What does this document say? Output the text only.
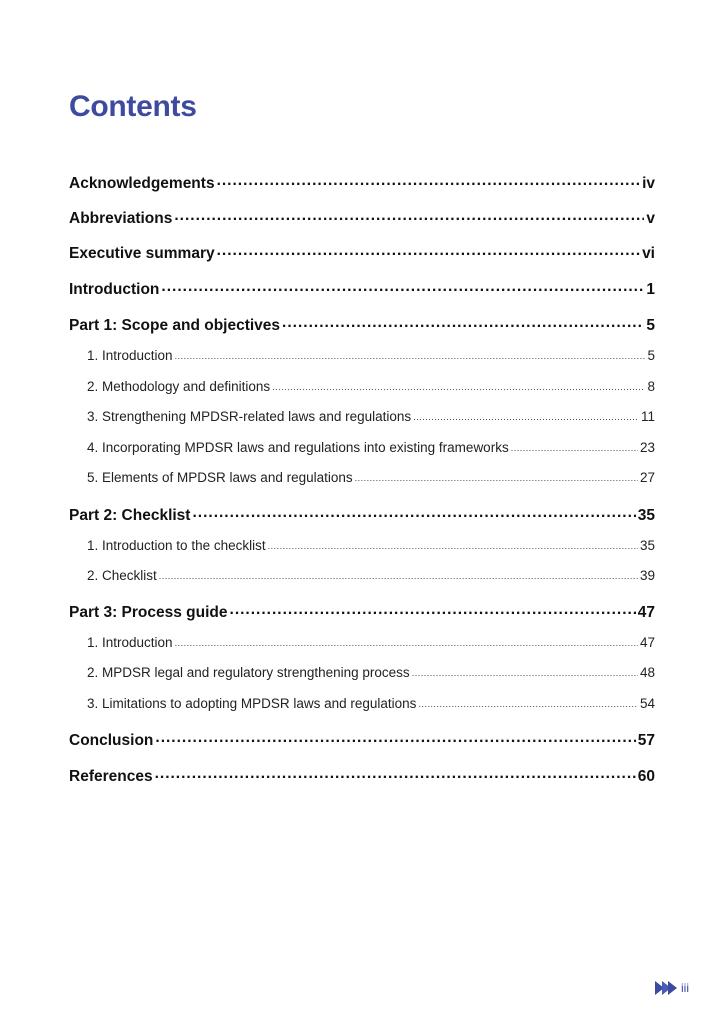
Contents
Acknowledgements .....	iv
Abbreviations .....	v
Executive summary .....	vi
Introduction .....	1
Part 1: Scope and objectives .....	5
1. Introduction .....	5
2. Methodology and definitions .....	8
3. Strengthening MPDSR-related laws and regulations .....	11
4. Incorporating MPDSR laws and regulations into existing frameworks .....	23
5. Elements of MPDSR laws and regulations .....	27
Part 2: Checklist .....	35
1. Introduction to the checklist .....	35
2. Checklist .....	39
Part 3: Process guide .....	47
1. Introduction .....	47
2. MPDSR legal and regulatory strengthening process .....	48
3. Limitations to adopting MPDSR laws and regulations .....	54
Conclusion .....	57
References .....	60
iii
